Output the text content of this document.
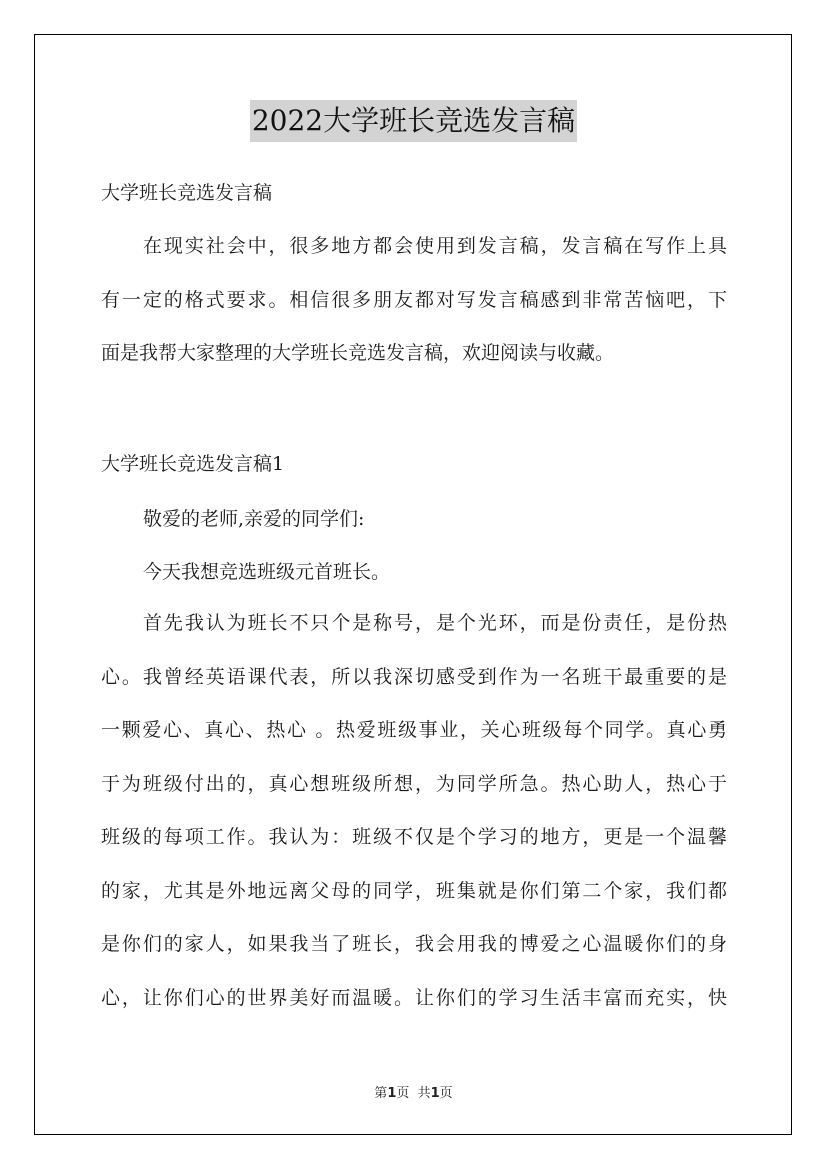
2022大学班长竞选发言稿
大学班长竞选发言稿
在现实社会中，很多地方都会使用到发言稿，发言稿在写作上具
有一定的格式要求。相信很多朋友都对写发言稿感到非常苦恼吧，下
面是我帮大家整理的大学班长竞选发言稿，欢迎阅读与收藏。
大学班长竞选发言稿1
敬爱的老师,亲爱的同学们:
今天我想竞选班级元首班长。
首先我认为班长不只个是称号，是个光环，而是份责任，是份热
心。我曾经英语课代表，所以我深切感受到作为一名班干最重要的是
一颗爱心、真心、热心 。热爱班级事业，关心班级每个同学。真心勇
于为班级付出的，真心想班级所想，为同学所急。热心助人，热心于
班级的每项工作。我认为：班级不仅是个学习的地方，更是一个温馨
的家，尤其是外地远离父母的同学，班集就是你们第二个家，我们都
是你们的家人，如果我当了班长，我会用我的博爱之心温暖你们的身
心，让你们心的世界美好而温暖。让你们的学习生活丰富而充实，快
第1页  共1页
